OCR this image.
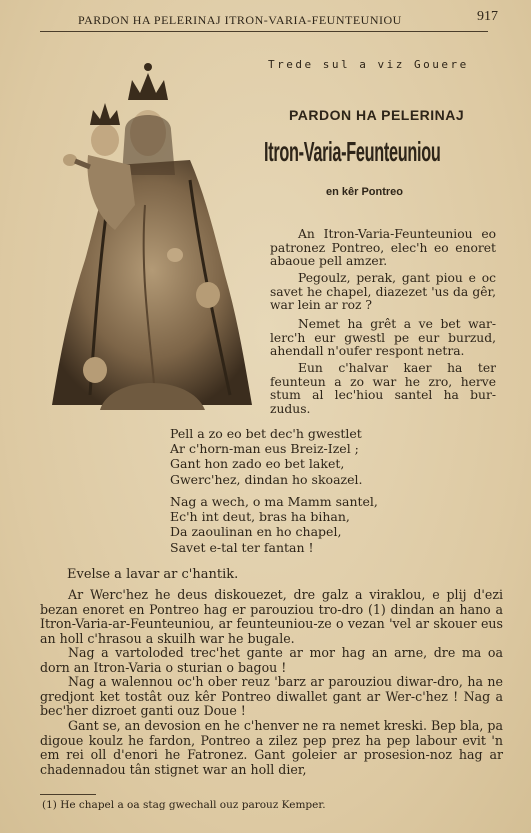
PARDON HA PELERINAJ ITRON-VARIA-FEUNTEUNIOU	917
Trede sul a viz Gouere
PARDON HA PELERINAJ
Itron-Varia-Feunteuniou
en kêr Pontreo
An Itron-Varia-Feunteuniou eo patronez Pontreo, elec'h eo enoret abaoue pell amzer.
Pegoulz, perak, gant piou e oc savet he chapel, diazezet 'us da gêr, war lein ar roz ?
Nemet ha grêt a ve bet war-lerc'h eur gwestl pe eur burzud, ahendall n'oufer respont netra.
Eun c'halvar kaer ha ter feunteun a zo war he zro, herve stum al lec'hiou santel ha bur-zudus.
Pell a zo eo bet dec'h gwestlet
Ar c'horn-man eus Breiz-Izel ;
Gant hon zado eo bet laket,
Gwerc'hez, dindan ho skoazel.
Nag a wech, o ma Mamm santel,
Ec'h int deut, bras ha bihan,
Da zaoulinan en ho chapel,
Savet e-tal ter fantan !
Evelse a lavar ar c'hantik.
Ar Werc'hez he deus diskouezet, dre galz a viraklou, e plij d'ezi bezan enoret en Pontreo hag er parouziou tro-dro (1) dindan an hano a Itron-Varia-ar-Feunteuniou, ar feunteuniou-ze o vezan 'vel ar skouer eus an holl c'hrasou a skuilh war he bugale.
Nag a vartoloded trec'het gante ar mor hag an arne, dre ma oa dorn an Itron-Varia o sturian o bagou !
Nag a walennou oc'h ober reuz 'barz ar parouziou diwar-dro, ha ne gredjont ket tostât ouz kêr Pontreo diwallet gant ar Wer-c'hez ! Nag a bec'her dizroet ganti ouz Doue !
Gant se, an devosion en he c'henver ne ra nemet kreski. Bep bla, pa digoue koulz he fardon, Pontreo a zilez pep prez ha pep labour evit 'n em rei oll d'enori he Fatronez. Gant goleier ar prosesion-noz hag ar chadennadou tân stignet war an holl dier,
(1) He chapel a oa stag gwechall ouz parouz Kemper.
